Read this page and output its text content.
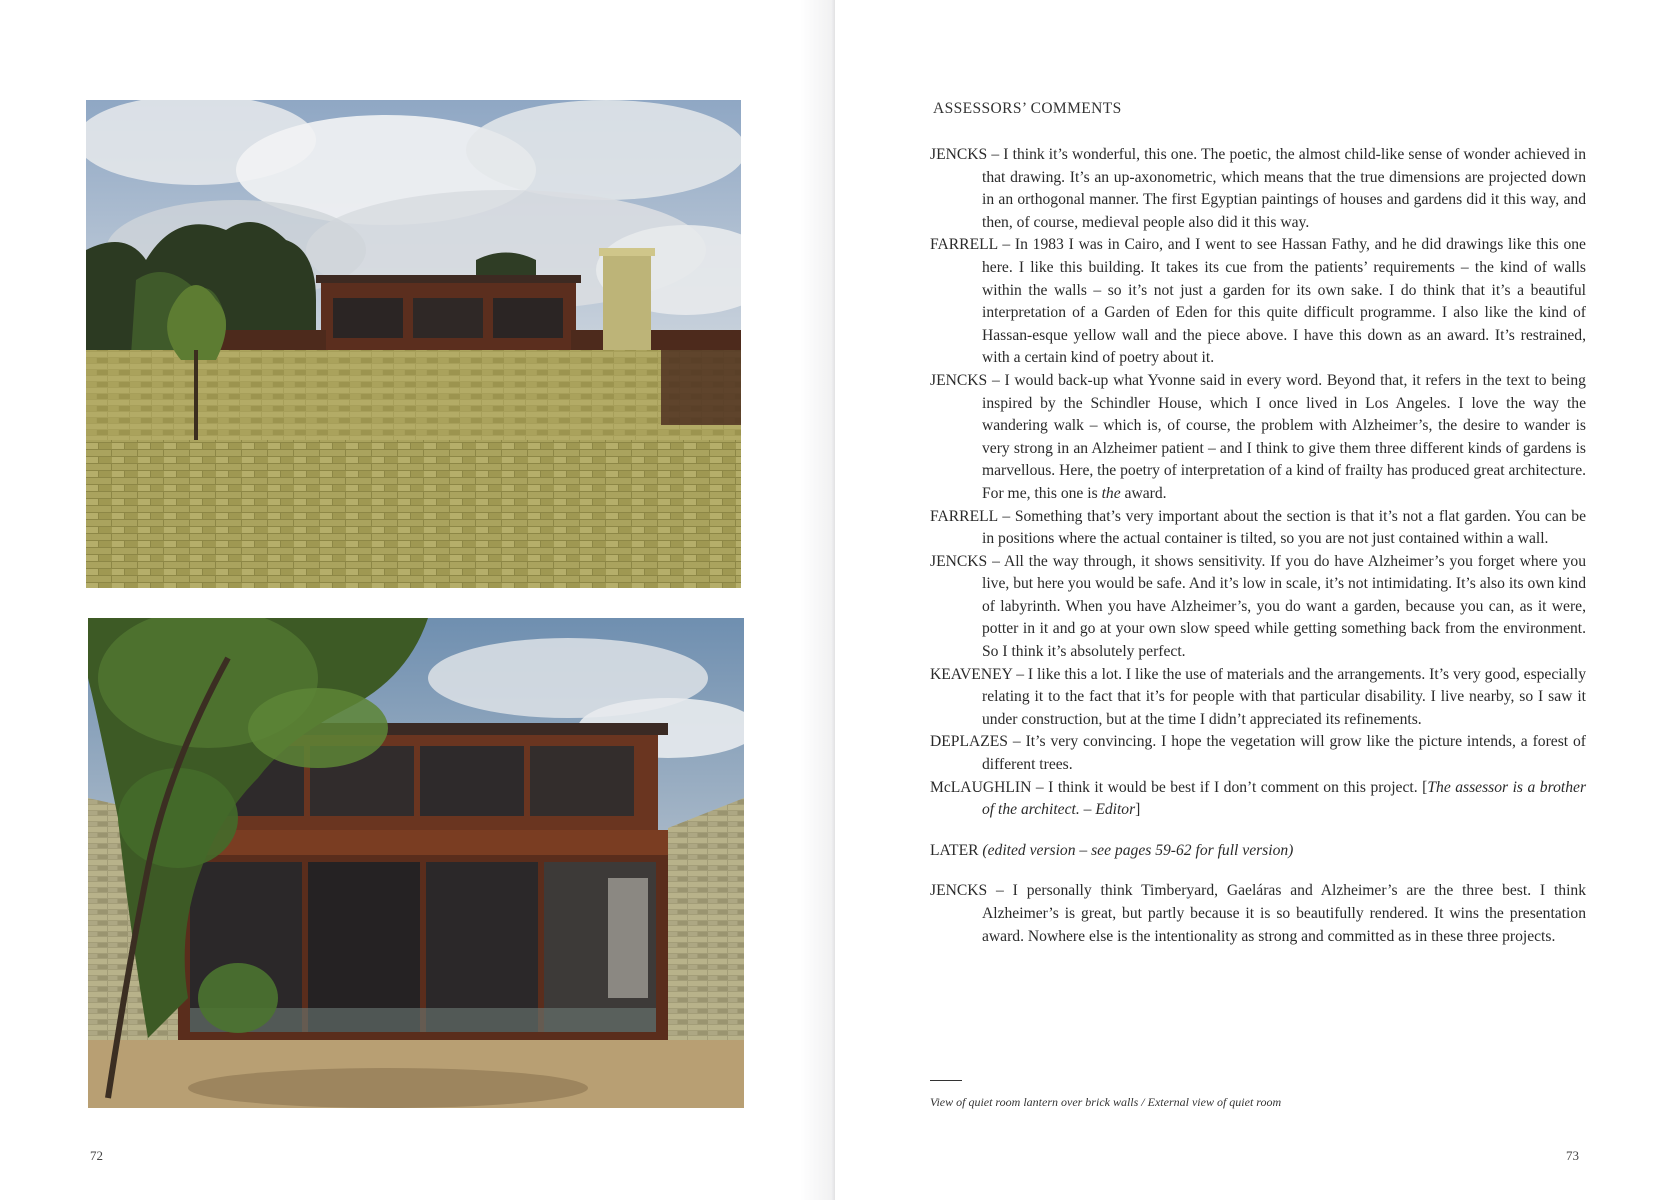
72
ASSESSORS’ COMMENTS

JENCKS – I think it’s wonderful, this one. The poetic, the almost child-like sense of wonder achieved in that drawing. It’s an up-axonometric, which means that the true dimensions are projected down in an orthogonal manner. The first Egyptian paintings of houses and gardens did it this way, and then, of course, medieval people also did it this way.

FARRELL – In 1983 I was in Cairo, and I went to see Hassan Fathy, and he did drawings like this one here. I like this building. It takes its cue from the patients’ requirements – the kind of walls within the walls – so it’s not just a garden for its own sake. I do think that it’s a beautiful interpretation of a Garden of Eden for this quite difficult programme. I also like the kind of Hassan-esque yellow wall and the piece above. I have this down as an award. It’s restrained, with a certain kind of poetry about it.

JENCKS – I would back-up what Yvonne said in every word. Beyond that, it refers in the text to being inspired by the Schindler House, which I once lived in Los Angeles. I love the way the wandering walk – which is, of course, the problem with Alzheimer’s, the desire to wander is very strong in an Alzheimer patient – and I think to give them three different kinds of gardens is marvellous. Here, the poetry of interpretation of a kind of frailty has produced great architecture. For me, this one is the award.

FARRELL – Something that’s very important about the section is that it’s not a flat garden. You can be in positions where the actual container is tilted, so you are not just contained within a wall.

JENCKS – All the way through, it shows sensitivity. If you do have Alzheimer’s you forget where you live, but here you would be safe. And it’s low in scale, it’s not intimidating. It’s also its own kind of labyrinth. When you have Alzheimer’s, you do want a garden, because you can, as it were, potter in it and go at your own slow speed while getting something back from the environment. So I think it’s absolutely perfect.

KEAVENEY – I like this a lot. I like the use of materials and the arrangements. It’s very good, especially relating it to the fact that it’s for people with that particular disability. I live nearby, so I saw it under construction, but at the time I didn’t appreciated its refinements.

DEPLAZES – It’s very convincing. I hope the vegetation will grow like the picture intends, a forest of different trees.

McLAUGHLIN – I think it would be best if I don’t comment on this project. [The assessor is a brother of the architect. – Editor]

LATER (edited version – see pages 59-62 for full version)

JENCKS – I personally think Timberyard, Gaeláras and Alzheimer’s are the three best. I think Alzheimer’s is great, but partly because it is so beautifully rendered. It wins the presentation award. Nowhere else is the intentionality as strong and committed as in these three projects.

View of quiet room lantern over brick walls / External view of quiet room
73
